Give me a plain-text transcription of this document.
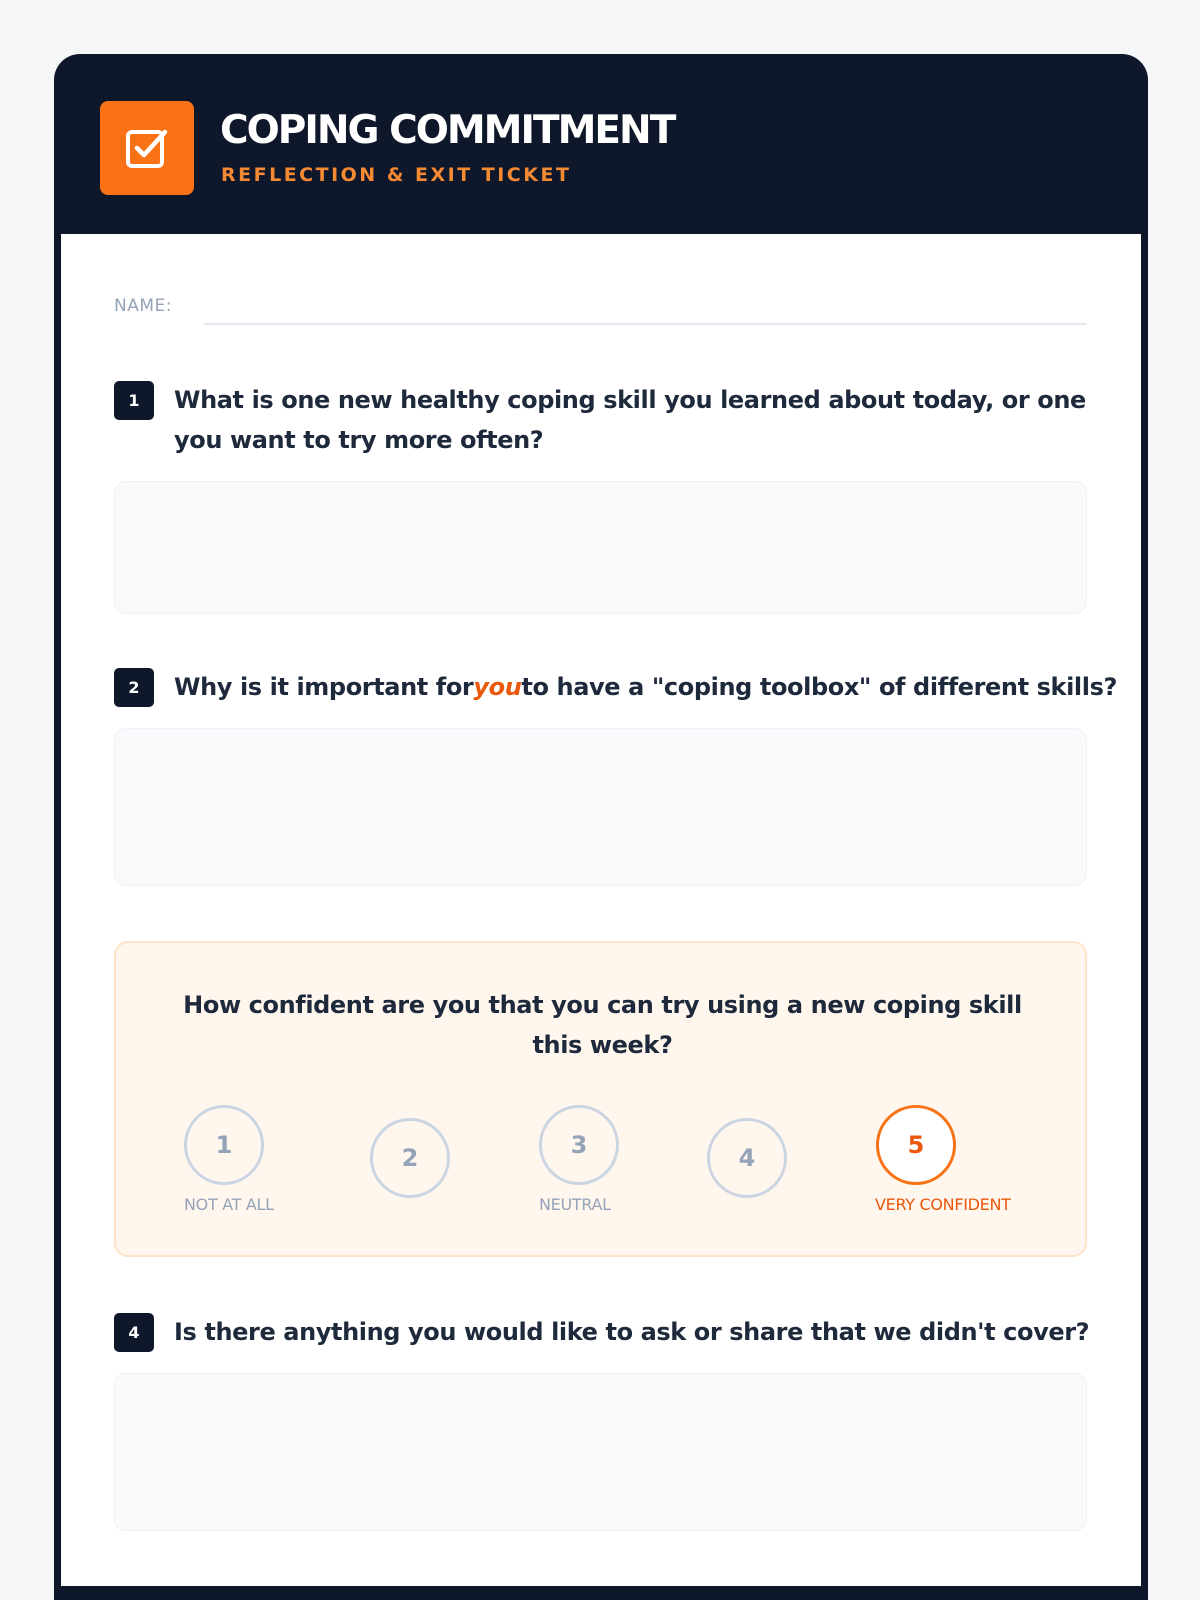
COPING COMMITMENT
REFLECTION & EXIT TICKET
NAME:
1	What is one new healthy coping skill you learned about today, or one you want to try more often?
2	Why is it important foryouto have a "coping toolbox" of different skills?
How confident are you that you can try using a new coping skill this week?
1	2	3	4	5
NOT AT ALL	NEUTRAL	VERY CONFIDENT
4	Is there anything you would like to ask or share that we didn't cover?
